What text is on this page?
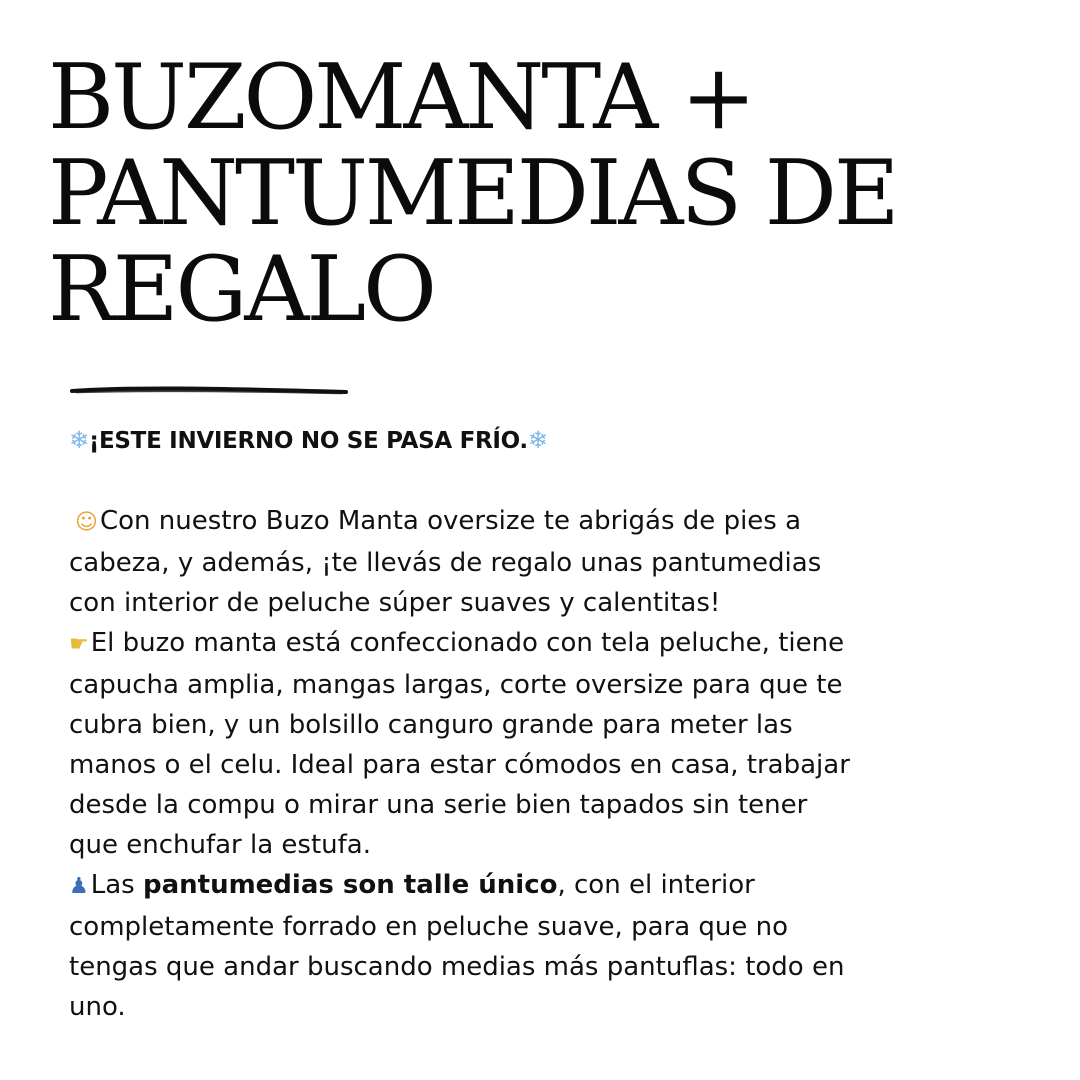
BUZOMANTA +
PANTUMEDIAS DE
REGALO
❄¡ESTE INVIERNO NO SE PASA FRÍO.❄
☺Con nuestro Buzo Manta oversize te abrigás de pies a
cabeza, y además, ¡te llevás de regalo unas pantumedias
con interior de peluche súper suaves y calentitas!
☛El buzo manta está confeccionado con tela peluche, tiene
capucha amplia, mangas largas, corte oversize para que te
cubra bien, y un bolsillo canguro grande para meter las
manos o el celu. Ideal para estar cómodos en casa, trabajar
desde la compu o mirar una serie bien tapados sin tener
que enchufar la estufa.
♟Las pantumedias son talle único, con el interior
completamente forrado en peluche suave, para que no
tengas que andar buscando medias más pantuflas: todo en
uno.
